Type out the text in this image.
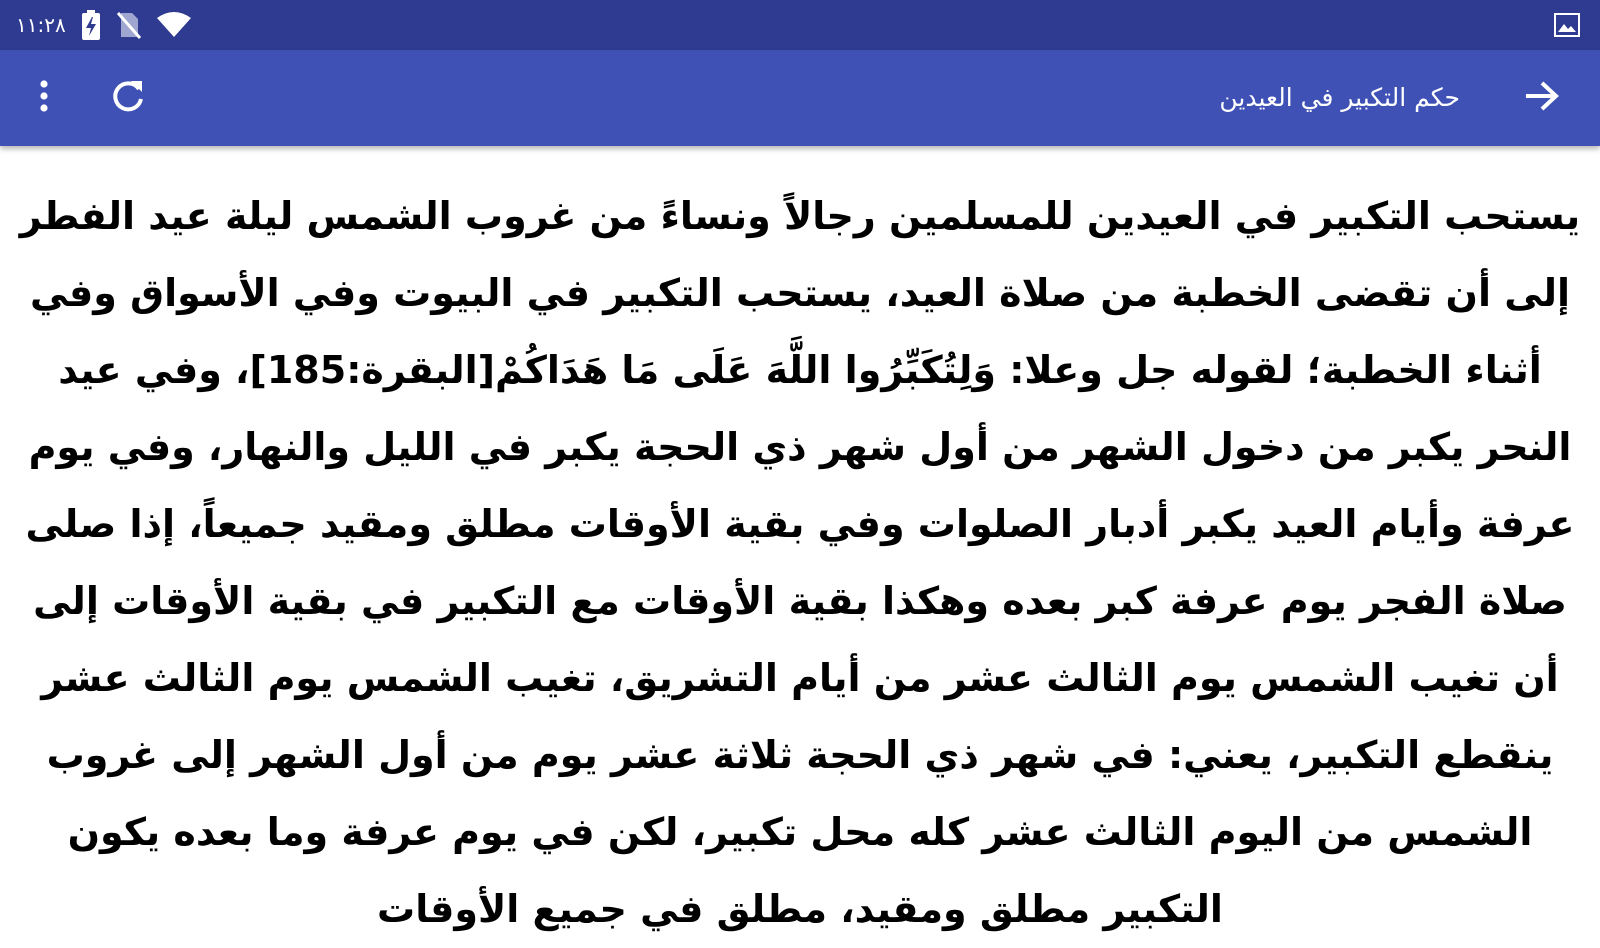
١١:٢٨
حكم التكبير في العيدين

يستحب التكبير في العيدين للمسلمين رجالاً ونساءً من غروب الشمس ليلة عيد الفطر إلى أن تقضى الخطبة من صلاة العيد، يستحب التكبير في البيوت وفي الأسواق وفي أثناء الخطبة؛ لقوله جل وعلا: وَلِتُكَبِّرُوا اللَّهَ عَلَى مَا هَدَاكُمْ[البقرة:185]، وفي عيد النحر يكبر من دخول الشهر من أول شهر ذي الحجة يكبر في الليل والنهار، وفي يوم عرفة وأيام العيد يكبر أدبار الصلوات وفي بقية الأوقات مطلق ومقيد جميعاً، إذا صلى صلاة الفجر يوم عرفة كبر بعده وهكذا بقية الأوقات مع التكبير في بقية الأوقات إلى أن تغيب الشمس يوم الثالث عشر من أيام التشريق، تغيب الشمس يوم الثالث عشر ينقطع التكبير، يعني: في شهر ذي الحجة ثلاثة عشر يوم من أول الشهر إلى غروب الشمس من اليوم الثالث عشر كله محل تكبير، لكن في يوم عرفة وما بعده يكون التكبير مطلق ومقيد، مطلق في جميع الأوقات
